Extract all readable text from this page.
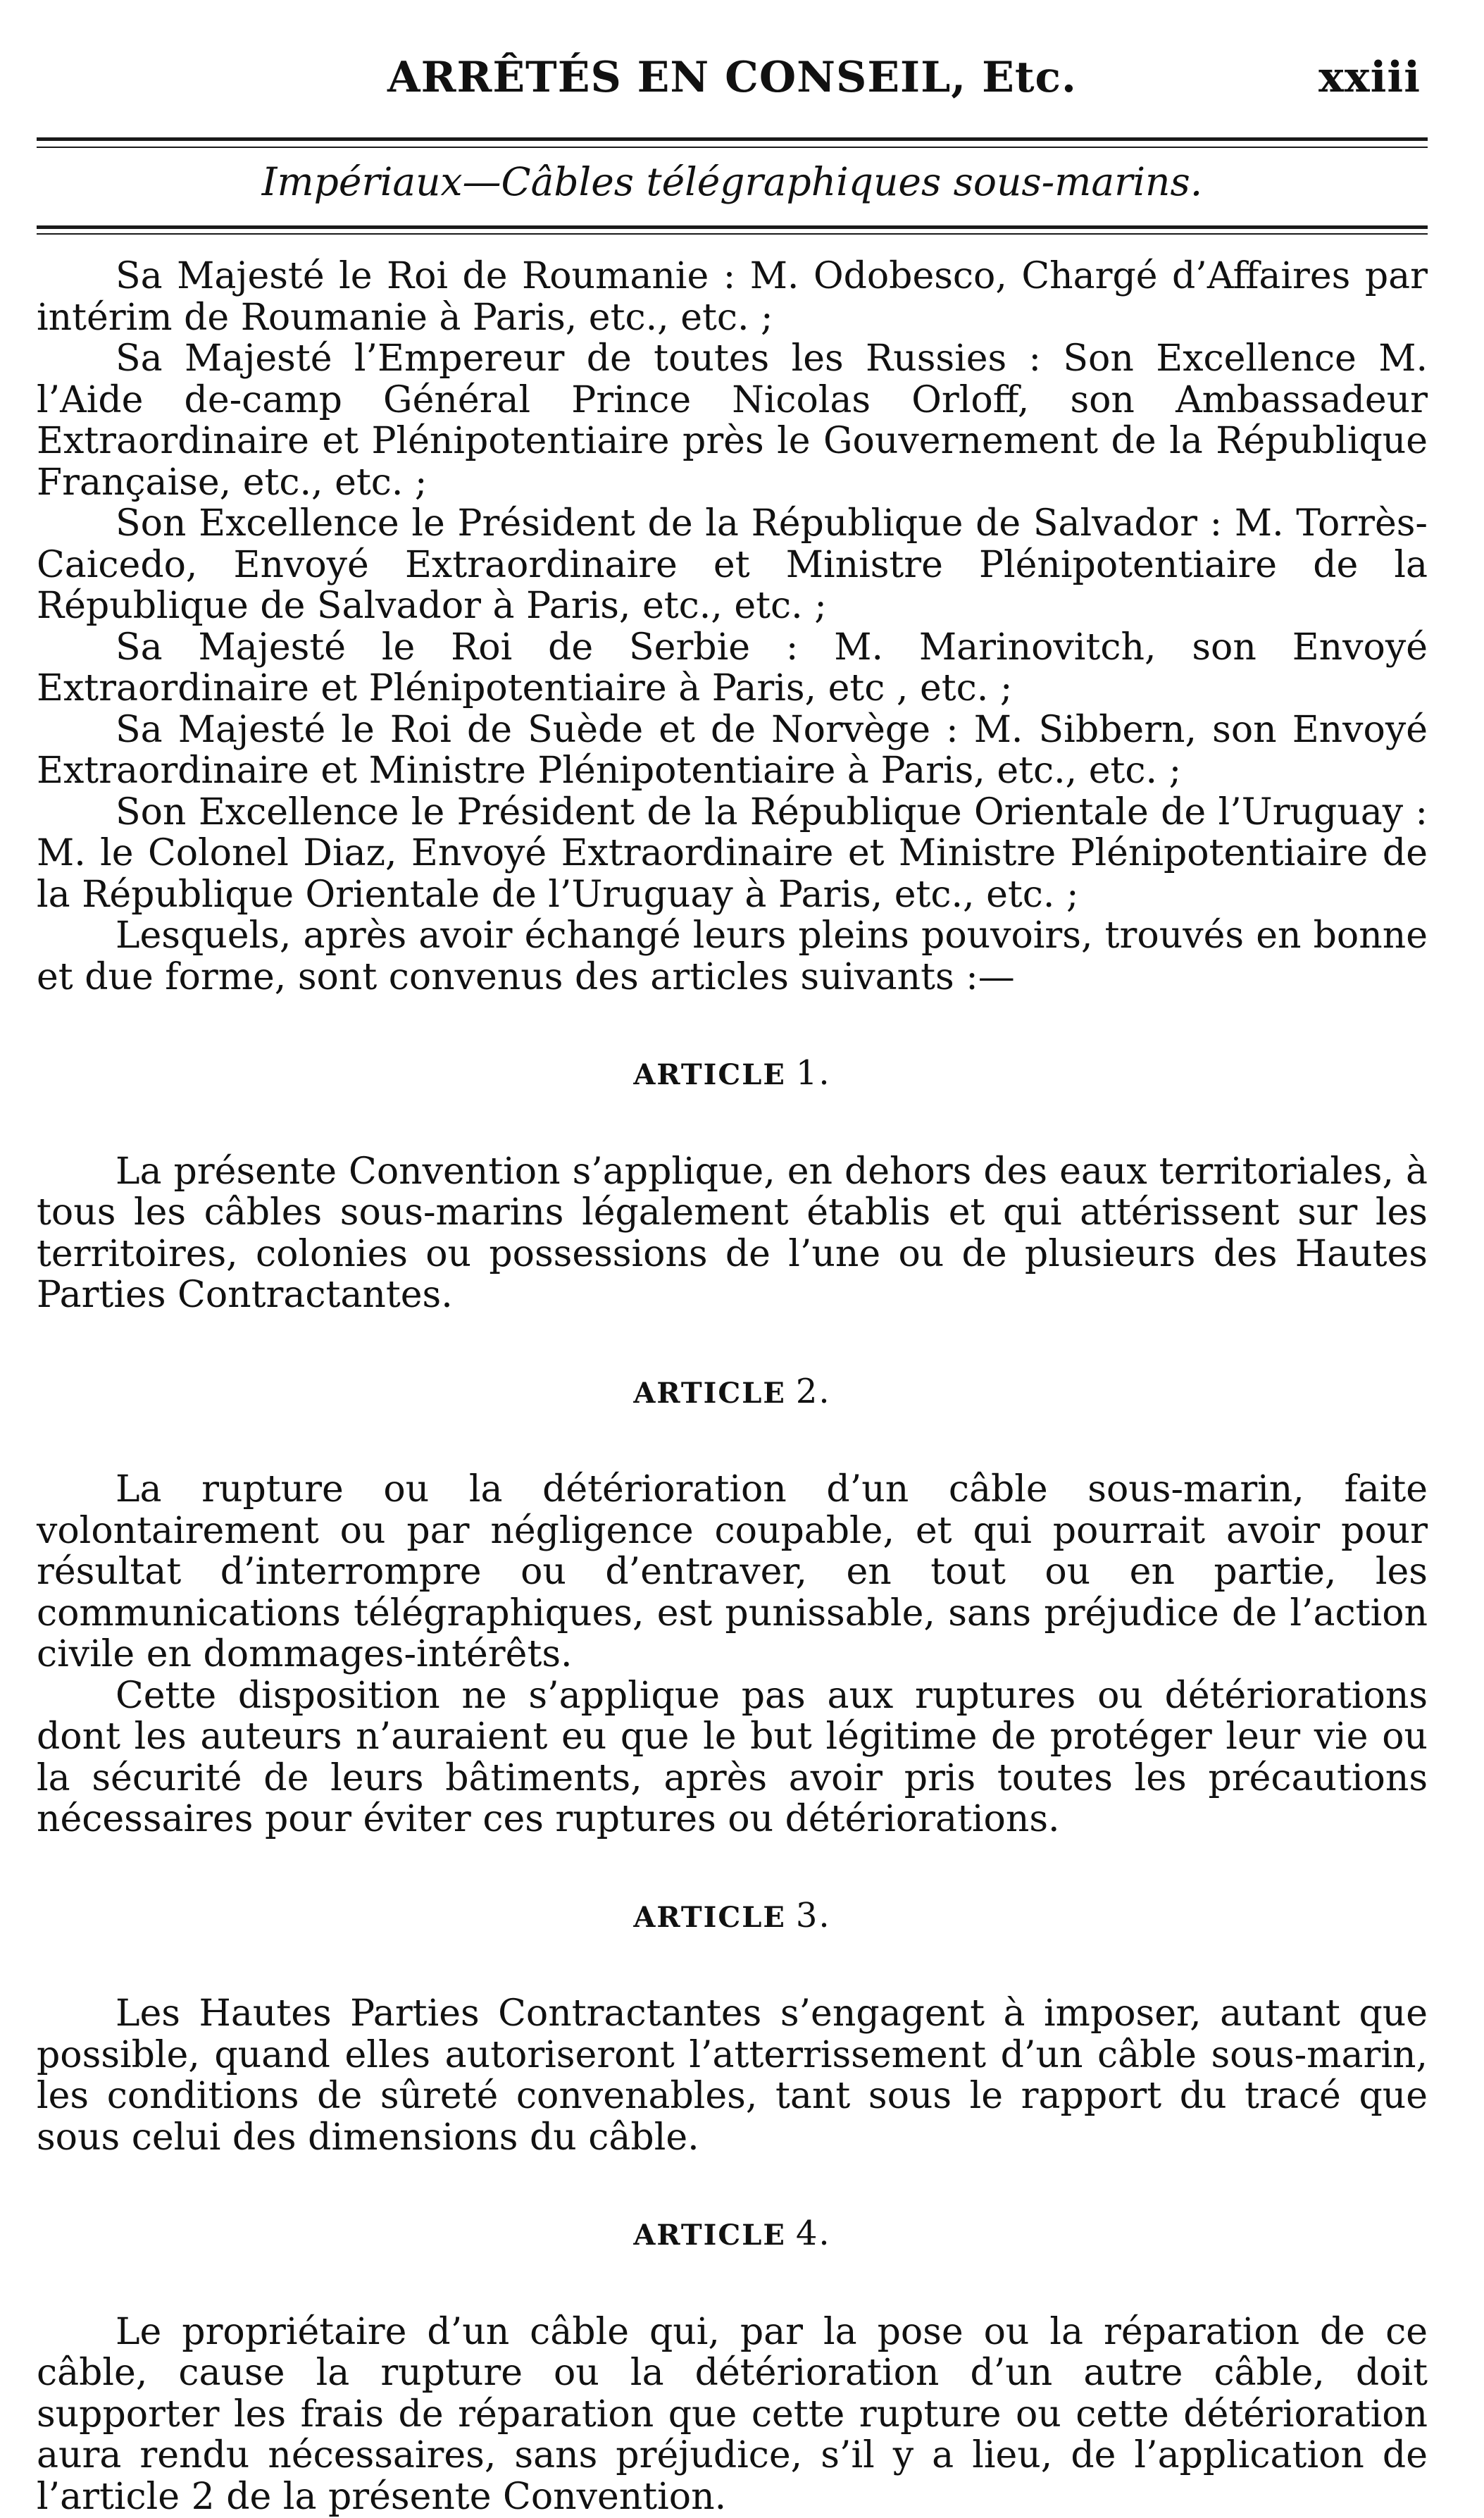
ARRÊTÉS EN CONSEIL, Etc.	xxiii
Impériaux—Câbles télégraphiques sous-marins.

Sa Majesté le Roi de Roumanie : M. Odobesco, Chargé d’Affaires par intérim de Roumanie à Paris, etc., etc. ;

Sa Majesté l’Empereur de toutes les Russies : Son Excellence M. l’Aide de-camp Général Prince Nicolas Orloff, son Ambassadeur Extraordinaire et Plénipotentiaire près le Gouvernement de la République Française, etc., etc. ;

Son Excellence le Président de la République de Salvador : M. Torrès-Caicedo, Envoyé Extraordinaire et Ministre Plénipotentiaire de la République de Salvador à Paris, etc., etc. ;

Sa Majesté le Roi de Serbie : M. Marinovitch, son Envoyé Extraordinaire et Plénipotentiaire à Paris, etc , etc. ;

Sa Majesté le Roi de Suède et de Norvège : M. Sibbern, son Envoyé Extraordinaire et Ministre Plénipotentiaire à Paris, etc., etc. ;

Son Excellence le Président de la République Orientale de l’Uruguay : M. le Colonel Diaz, Envoyé Extraordinaire et Ministre Plénipotentiaire de la République Orientale de l’Uruguay à Paris, etc., etc. ;

Lesquels, après avoir échangé leurs pleins pouvoirs, trouvés en bonne et due forme, sont convenus des articles suivants :—

ARTICLE 1.

La présente Convention s’applique, en dehors des eaux territoriales, à tous les câbles sous-marins légalement établis et qui attérissent sur les territoires, colonies ou possessions de l’une ou de plusieurs des Hautes Parties Contractantes.

ARTICLE 2.

La rupture ou la détérioration d’un câble sous-marin, faite volontairement ou par négligence coupable, et qui pourrait avoir pour résultat d’interrompre ou d’entraver, en tout ou en partie, les communications télégraphiques, est punissable, sans préjudice de l’action civile en dommages-intérêts.

Cette disposition ne s’applique pas aux ruptures ou détériorations dont les auteurs n’auraient eu que le but légitime de protéger leur vie ou la sécurité de leurs bâtiments, après avoir pris toutes les précautions nécessaires pour éviter ces ruptures ou détériorations.

ARTICLE 3.

Les Hautes Parties Contractantes s’engagent à imposer, autant que possible, quand elles autoriseront l’atterrissement d’un câble sous-marin, les conditions de sûreté convenables, tant sous le rapport du tracé que sous celui des dimensions du câble.

ARTICLE 4.

Le propriétaire d’un câble qui, par la pose ou la réparation de ce câble, cause la rupture ou la détérioration d’un autre câble, doit supporter les frais de réparation que cette rupture ou cette détérioration aura rendu nécessaires, sans préjudice, s’il y a lieu, de l’application de l’article 2 de la présente Convention.
